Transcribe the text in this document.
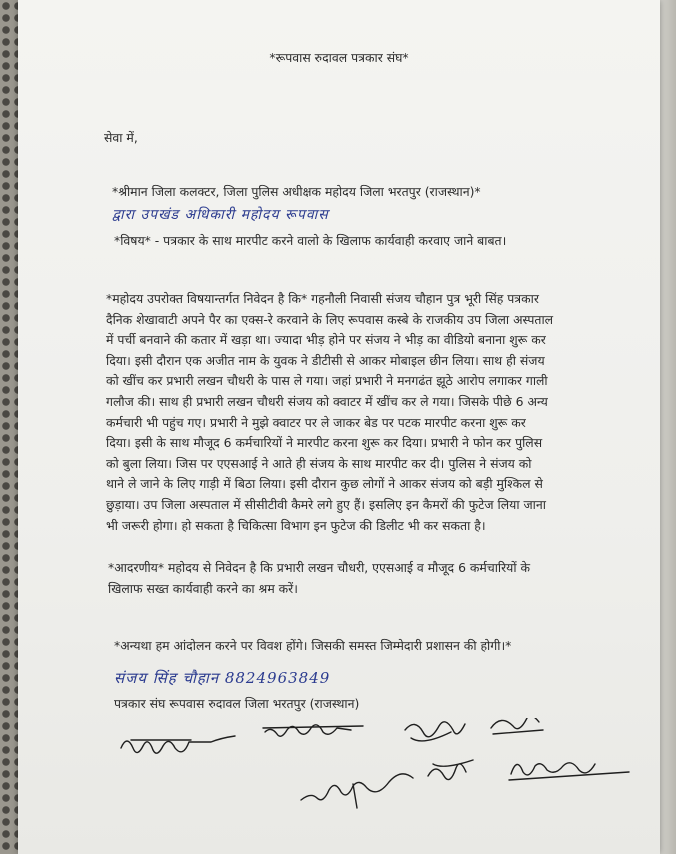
*रूपवास रुदावल पत्रकार संघ*
सेवा में,
*श्रीमान जिला कलक्टर, जिला पुलिस अधीक्षक महोदय जिला भरतपुर (राजस्थान)*
द्वारा उपखंड अधिकारी महोदय रूपवास
*विषय* - पत्रकार के साथ मारपीट करने वालो के खिलाफ कार्यवाही करवाए जाने बाबत।
*महोदय उपरोक्त विषयान्तर्गत निवेदन है कि* गहनौली निवासी संजय चौहान पुत्र भूरी सिंह पत्रकार
दैनिक शेखावाटी अपने पैर का एक्स-रे करवाने के लिए रूपवास कस्बे के राजकीय उप जिला अस्पताल
में पर्ची बनवाने की कतार में खड़ा था। ज्यादा भीड़ होने पर संजय ने भीड़ का वीडियो बनाना शुरू कर
दिया। इसी दौरान एक अजीत नाम के युवक ने डीटीसी से आकर मोबाइल छीन लिया। साथ ही संजय
को खींच कर प्रभारी लखन चौधरी के पास ले गया। जहां प्रभारी ने मनगढंत झूठे आरोप लगाकर गाली
गलौज की। साथ ही प्रभारी लखन चौधरी संजय को क्वाटर में खींच कर ले गया। जिसके पीछे 6 अन्य
कर्मचारी भी पहुंच गए। प्रभारी ने मुझे क्वाटर पर ले जाकर बेड पर पटक मारपीट करना शुरू कर
दिया। इसी के साथ मौजूद 6 कर्मचारियों ने मारपीट करना शुरू कर दिया। प्रभारी ने फोन कर पुलिस
को बुला लिया। जिस पर एएसआई ने आते ही संजय के साथ मारपीट कर दी। पुलिस ने संजय को
थाने ले जाने के लिए गाड़ी में बिठा लिया। इसी दौरान कुछ लोगों ने आकर संजय को बड़ी मुश्किल से
छुड़ाया। उप जिला अस्पताल में सीसीटीवी कैमरे लगे हुए हैं। इसलिए इन कैमरों की फुटेज लिया जाना
भी जरूरी होगा। हो सकता है चिकित्सा विभाग इन फुटेज की डिलीट भी कर सकता है।
*आदरणीय* महोदय से निवेदन है कि प्रभारी लखन चौधरी, एएसआई व मौजूद 6 कर्मचारियों के
खिलाफ सख्त कार्यवाही करने का श्रम करें।
*अन्यथा हम आंदोलन करने पर विवश होंगे। जिसकी समस्त जिम्मेदारी प्रशासन की होगी।*
संजय सिंह चौहान 8824963849
पत्रकार संघ रूपवास रुदावल जिला भरतपुर (राजस्थान)
